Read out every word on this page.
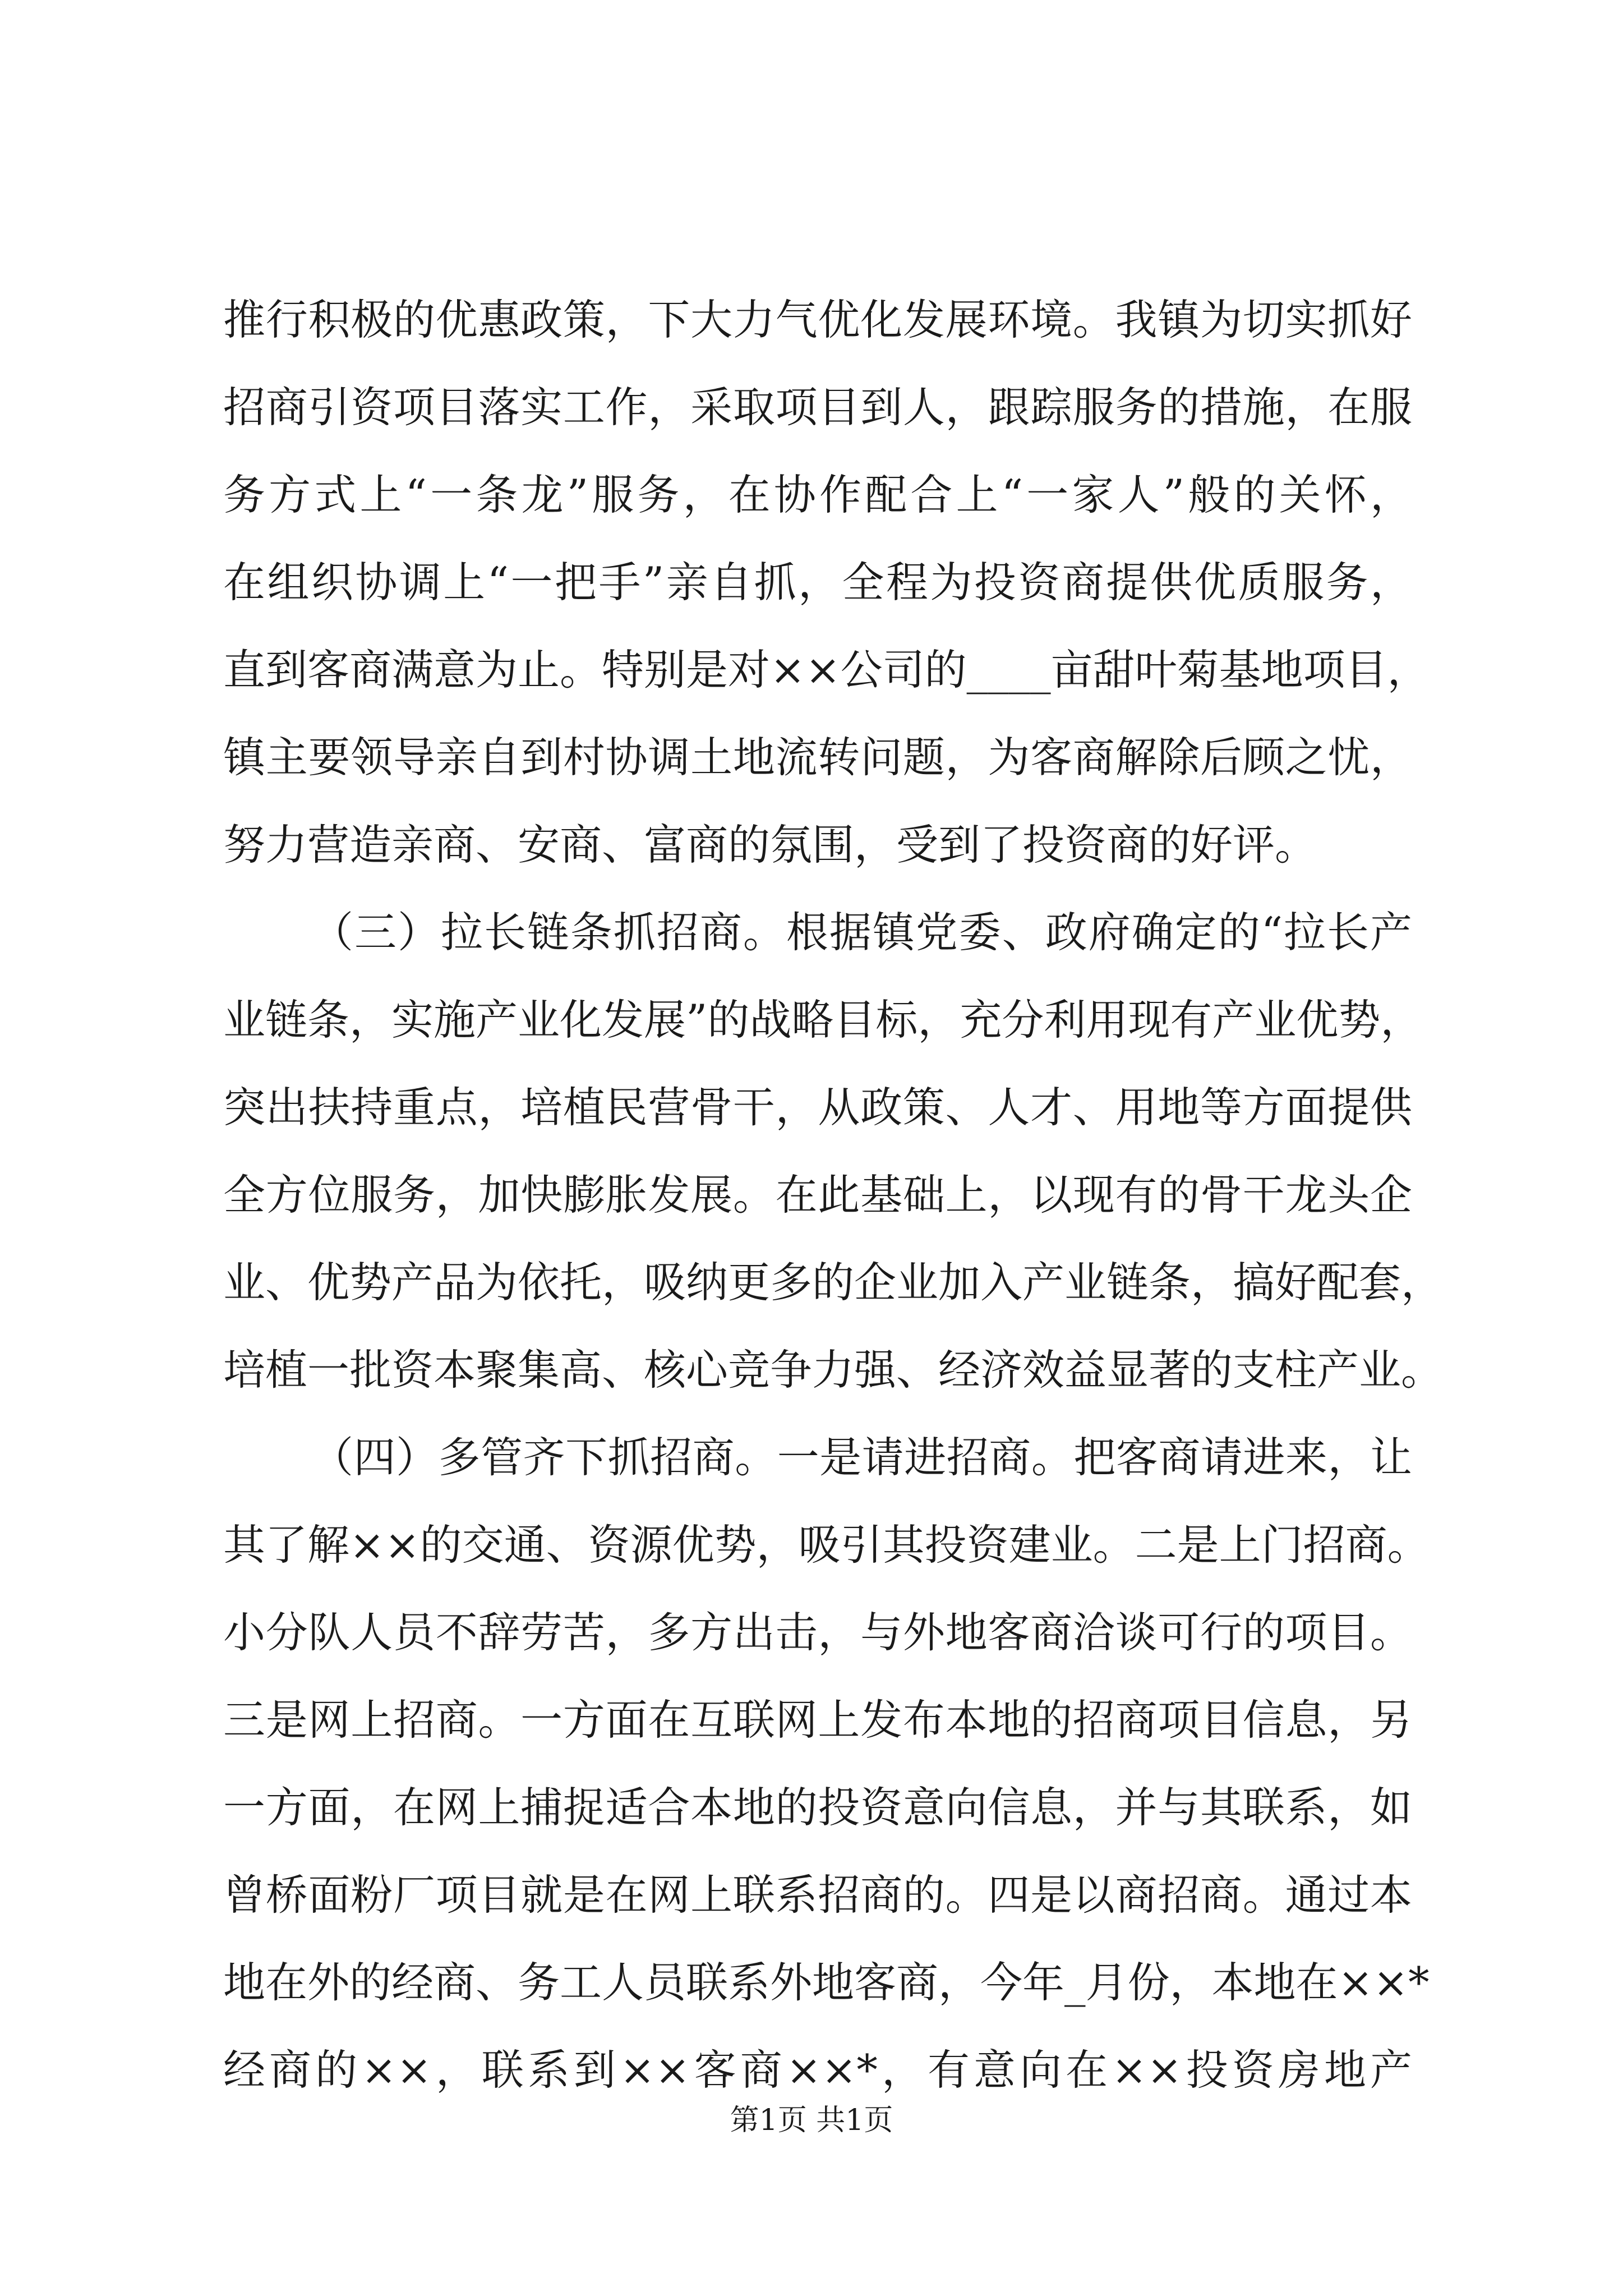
推行积极的优惠政策，下大力气优化发展环境。我镇为切实抓好
招商引资项目落实工作，采取项目到人，跟踪服务的措施，在服
务方式上“一条龙”服务，在协作配合上“一家人”般的关怀，
在组织协调上“一把手”亲自抓，全程为投资商提供优质服务，
直到客商满意为止。特别是对××公司的____亩甜叶菊基地项目，
镇主要领导亲自到村协调土地流转问题，为客商解除后顾之忧，
努力营造亲商、安商、富商的氛围，受到了投资商的好评。
（三）拉长链条抓招商。根据镇党委、政府确定的“拉长产
业链条，实施产业化发展”的战略目标，充分利用现有产业优势，
突出扶持重点，培植民营骨干，从政策、人才、用地等方面提供
全方位服务，加快膨胀发展。在此基础上，以现有的骨干龙头企
业、优势产品为依托，吸纳更多的企业加入产业链条，搞好配套，
培植一批资本聚集高、核心竞争力强、经济效益显著的支柱产业。
（四）多管齐下抓招商。一是请进招商。把客商请进来，让
其了解××的交通、资源优势，吸引其投资建业。二是上门招商。
小分队人员不辞劳苦，多方出击，与外地客商洽谈可行的项目。
三是网上招商。一方面在互联网上发布本地的招商项目信息，另
一方面，在网上捕捉适合本地的投资意向信息，并与其联系，如
曾桥面粉厂项目就是在网上联系招商的。四是以商招商。通过本
地在外的经商、务工人员联系外地客商，今年_月份，本地在××*
经商的××，联系到××客商××*，有意向在××投资房地产
第1页 共1页
